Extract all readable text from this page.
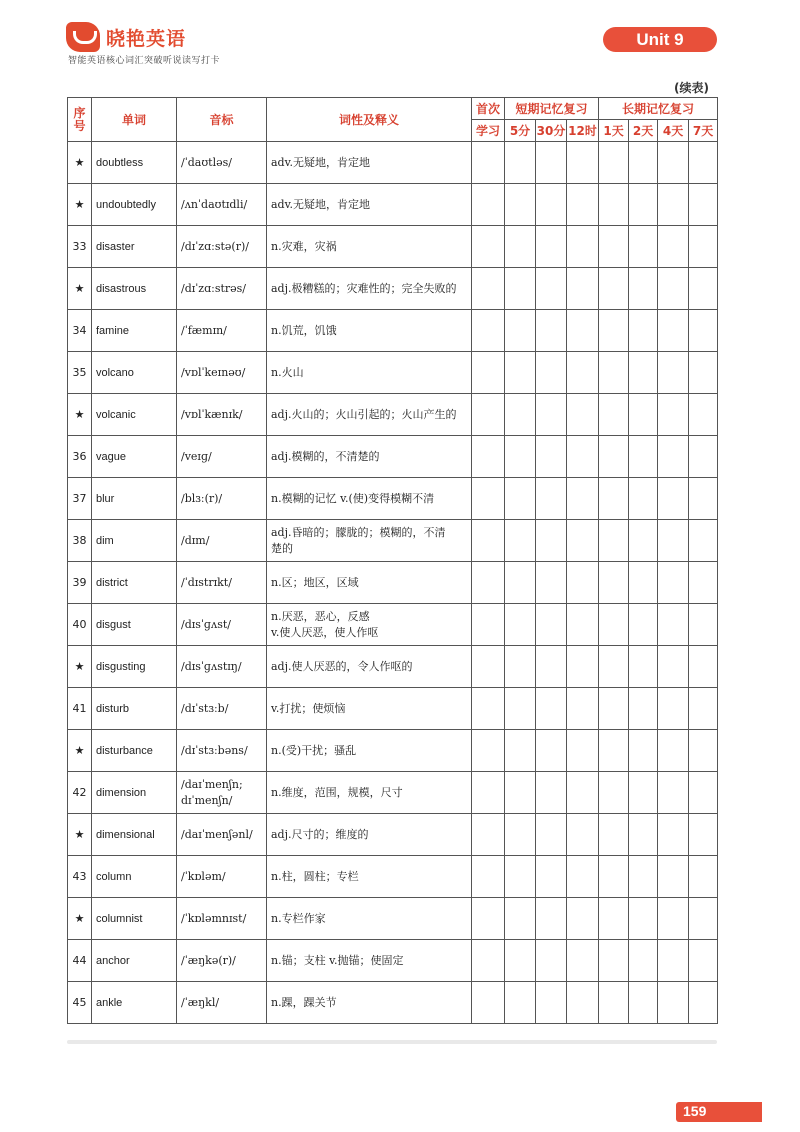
晓艳英语
智能英语核心词汇突破听说读写打卡
Unit 9
(续表)
序号	单词	音标	词性及释义	首次	短期记忆复习			长期记忆复习			
				学习	5分	30分	12时	1天	2天	4天	7天
★	doubtless	/ˈdaʊtləs/	adv.无疑地，肯定地								
★	undoubtedly	/ʌnˈdaʊtɪdli/	adv.无疑地，肯定地								
33	disaster	/dɪˈzɑːstə(r)/	n.灾难，灾祸								
★	disastrous	/dɪˈzɑːstrəs/	adj.极糟糕的；灾难性的；完全失败的								
34	famine	/ˈfæmɪn/	n.饥荒，饥饿								
35	volcano	/vɒlˈkeɪnəʊ/	n.火山								
★	volcanic	/vɒlˈkænɪk/	adj.火山的；火山引起的；火山产生的								
36	vague	/veɪɡ/	adj.模糊的，不清楚的								
37	blur	/blɜː(r)/	n.模糊的记忆 v.(使)变得模糊不清								
38	dim	/dɪm/	adj.昏暗的；朦胧的；模糊的，不清
楚的								
39	district	/ˈdɪstrɪkt/	n.区；地区，区域								
40	disgust	/dɪsˈɡʌst/	n.厌恶，恶心，反感
v.使人厌恶，使人作呕								
★	disgusting	/dɪsˈɡʌstɪŋ/	adj.使人厌恶的，令人作呕的								
41	disturb	/dɪˈstɜːb/	v.打扰；使烦恼								
★	disturbance	/dɪˈstɜːbəns/	n.(受)干扰；骚乱								
42	dimension	/daɪˈmenʃn;
dɪˈmenʃn/	n.维度，范围，规模，尺寸								
★	dimensional	/daɪˈmenʃənl/	adj.尺寸的；维度的								
43	column	/ˈkɒləm/	n.柱，圆柱；专栏								
★	columnist	/ˈkɒləmnɪst/	n.专栏作家								
44	anchor	/ˈæŋkə(r)/	n.锚；支柱 v.抛锚；使固定								
45	ankle	/ˈæŋkl/	n.踝，踝关节								
159
